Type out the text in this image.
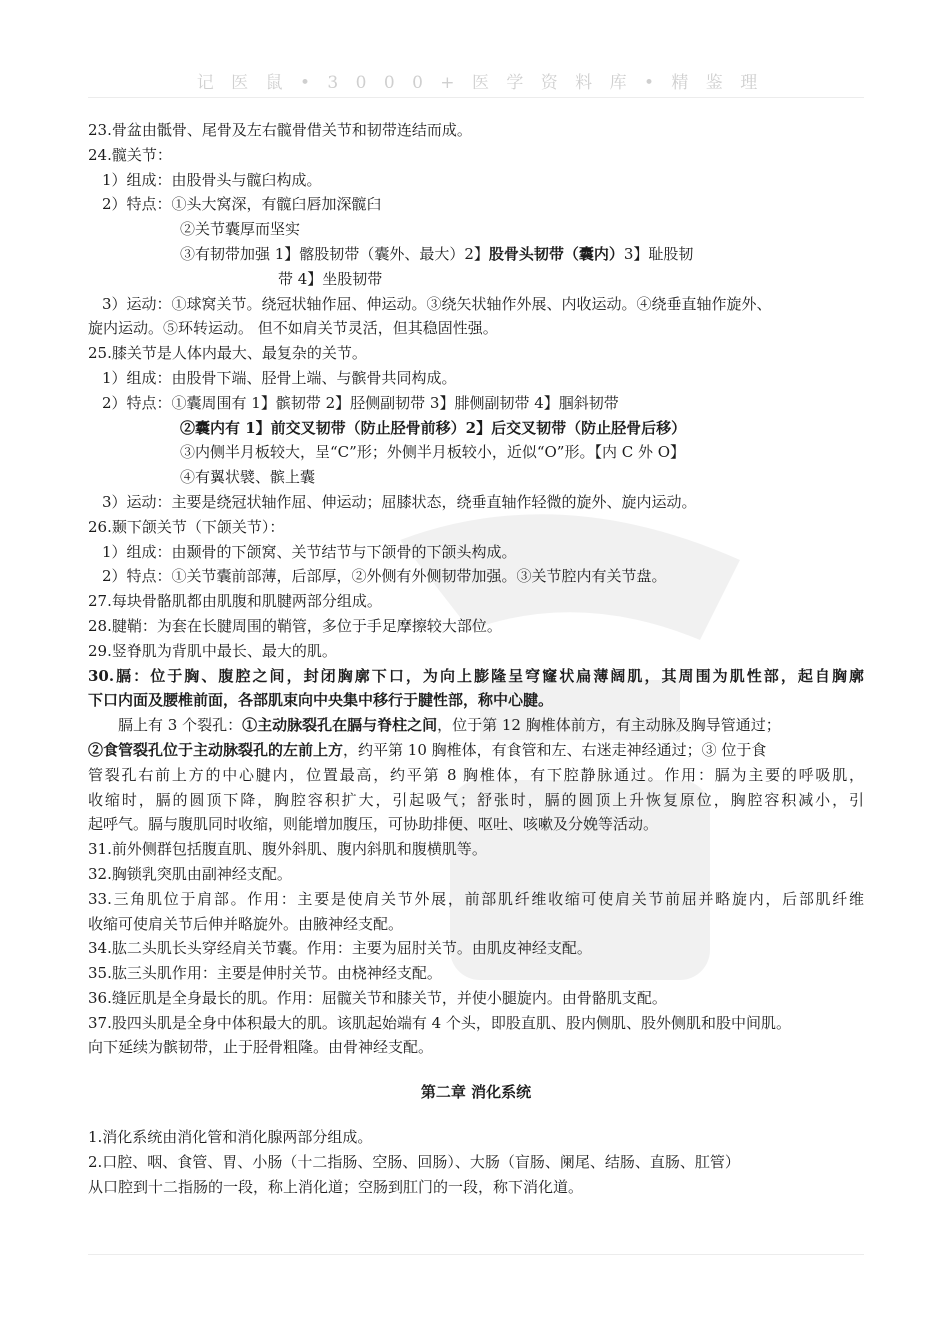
记 医 鼠 • 3 0 0 0 + 医 学 资 料 库 • 精 鉴 理

23.骨盆由骶骨、尾骨及左右髋骨借关节和韧带连结而成。

24.髋关节：

1）组成：由股骨头与髋臼构成。

2）特点：①头大窝深，有髋臼唇加深髋臼

②关节囊厚而坚实

③有韧带加强 1】髂股韧带（囊外、最大）2】股骨头韧带（囊内）3】耻股韧

带 4】坐股韧带

3）运动：①球窝关节。绕冠状轴作屈、伸运动。③绕矢状轴作外展、内收运动。④绕垂直轴作旋外、

旋内运动。⑤环转运动。 但不如肩关节灵活，但其稳固性强。

25.膝关节是人体内最大、最复杂的关节。

1）组成：由股骨下端、胫骨上端、与髌骨共同构成。

2）特点：①囊周围有 1】髌韧带 2】胫侧副韧带 3】腓侧副韧带 4】腘斜韧带

②囊内有 1】前交叉韧带（防止胫骨前移）2】后交叉韧带（防止胫骨后移）

③内侧半月板较大，呈“C”形；外侧半月板较小，近似“O”形。【内 C 外 O】

④有翼状襞、髌上囊

3）运动：主要是绕冠状轴作屈、伸运动；屈膝状态，绕垂直轴作轻微的旋外、旋内运动。

26.颞下颌关节（下颌关节）：

1）组成：由颞骨的下颌窝、关节结节与下颌骨的下颌头构成。

2）特点：①关节囊前部薄，后部厚，②外侧有外侧韧带加强。③关节腔内有关节盘。

27.每块骨骼肌都由肌腹和肌腱两部分组成。

28.腱鞘：为套在长腱周围的鞘管，多位于手足摩擦较大部位。

29.竖脊肌为背肌中最长、最大的肌。

30.膈：位于胸、腹腔之间，封闭胸廓下口，为向上膨隆呈穹窿状扁薄阔肌，其周围为肌性部，起自胸廓

下口内面及腰椎前面，各部肌束向中央集中移行于腱性部，称中心腱。

膈上有 3 个裂孔：①主动脉裂孔在膈与脊柱之间，位于第 12 胸椎体前方，有主动脉及胸导管通过；

②食管裂孔位于主动脉裂孔的左前上方，约平第 10 胸椎体，有食管和左、右迷走神经通过；③ 位于食

管裂孔右前上方的中心腱内，位置最高，约平第 8 胸椎体，有下腔静脉通过。作用：膈为主要的呼吸肌，

收缩时，膈的圆顶下降，胸腔容积扩大，引起吸气；舒张时，膈的圆顶上升恢复原位，胸腔容积减小，引

起呼气。膈与腹肌同时收缩，则能增加腹压，可协助排便、呕吐、咳嗽及分娩等活动。

31.前外侧群包括腹直肌、腹外斜肌、腹内斜肌和腹横肌等。

32.胸锁乳突肌由副神经支配。

33.三角肌位于肩部。作用：主要是使肩关节外展，前部肌纤维收缩可使肩关节前屈并略旋内，后部肌纤维

收缩可使肩关节后伸并略旋外。由腋神经支配。

34.肱二头肌长头穿经肩关节囊。作用：主要为屈肘关节。由肌皮神经支配。

35.肱三头肌作用：主要是伸肘关节。由桡神经支配。

36.缝匠肌是全身最长的肌。作用：屈髋关节和膝关节，并使小腿旋内。由骨骼肌支配。

37.股四头肌是全身中体积最大的肌。该肌起始端有 4 个头，即股直肌、股内侧肌、股外侧肌和股中间肌。

向下延续为髌韧带，止于胫骨粗隆。由骨神经支配。

第二章 消化系统

1.消化系统由消化管和消化腺两部分组成。

2.口腔、咽、食管、胃、小肠（十二指肠、空肠、回肠）、大肠（盲肠、阑尾、结肠、直肠、肛管）

从口腔到十二指肠的一段，称上消化道；空肠到肛门的一段，称下消化道。
